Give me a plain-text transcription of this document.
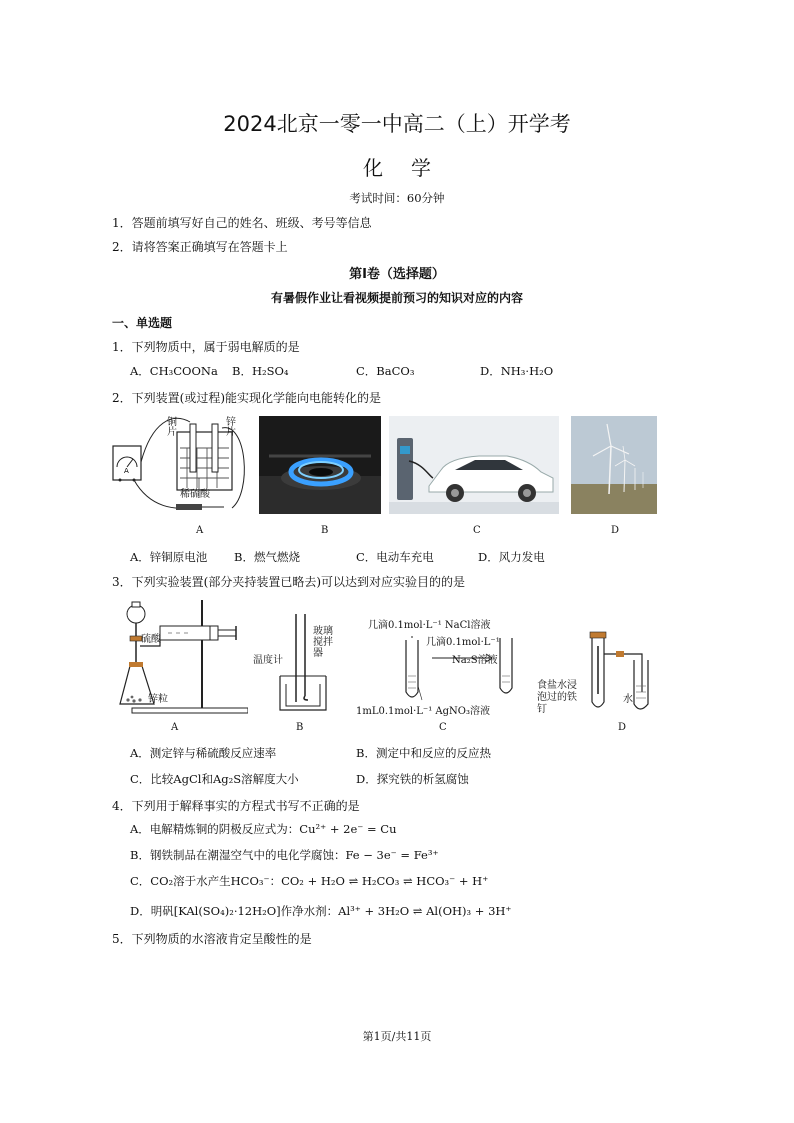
2024北京一零一中高二（上）开学考
化学
考试时间：60分钟
1．答题前填写好自己的姓名、班级、考号等信息
2．请将答案正确填写在答题卡上
第Ⅰ卷（选择题）
有暑假作业让看视频提前预习的知识对应的内容
一、单选题
1．下列物质中，属于弱电解质的是
A．CH₃COONa B．H₂SO₄	C．BaCO₃	D．NH₃·H₂O
2．下列装置(或过程)能实现化学能向电能转化的是
A
铜片
锌片
稀硫酸
A	B	C	D
A．锌铜原电池 B．燃气燃烧	C．电动车充电	D．风力发电
3．下列实验装置(部分夹持装置已略去)可以达到对应实验目的的是
硫酸
锌粒
温度计
玻璃搅拌器
几滴0.1mol·L⁻¹ NaCl溶液
几滴0.1mol·L⁻¹
Na₂S溶液
1mL0.1mol·L⁻¹ AgNO₃溶液
食盐水浸泡过的铁钉
水
A	B	C	D
A．测定锌与稀硫酸反应速率	B．测定中和反应的反应热
C．比较AgCl和Ag₂S溶解度大小	D．探究铁的析氢腐蚀
4．下列用于解释事实的方程式书写不正确的是
A．电解精炼铜的阴极反应式为：Cu²⁺ + 2e⁻ = Cu
B．钢铁制品在潮湿空气中的电化学腐蚀：Fe − 3e⁻ = Fe³⁺
C．CO₂溶于水产生HCO₃⁻：CO₂ + H₂O ⇌ H₂CO₃ ⇌ HCO₃⁻ + H⁺
D．明矾[KAl(SO₄)₂·12H₂O]作净水剂：Al³⁺ + 3H₂O ⇌ Al(OH)₃ + 3H⁺
5．下列物质的水溶液肯定呈酸性的是
第1页/共11页
